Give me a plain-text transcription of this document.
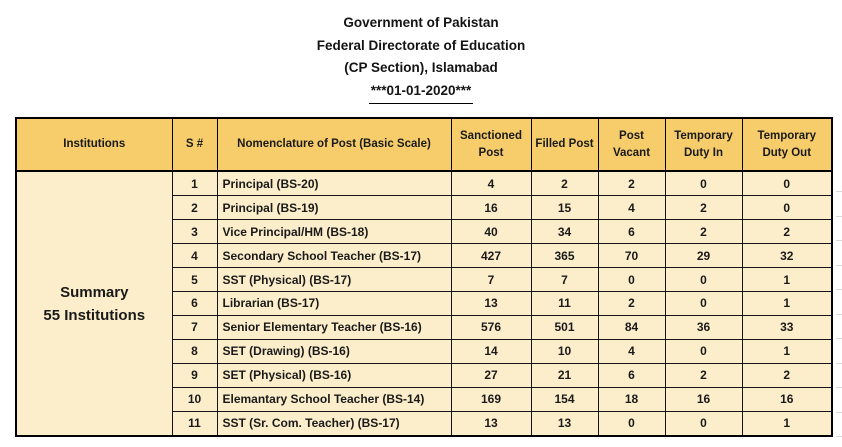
Government of Pakistan
Federal Directorate of Education
(CP Section), Islamabad
***01-01-2020***
Institutions	S #	Nomenclature of Post (Basic Scale)	Sanctioned Post	Filled Post	Post Vacant	Temporary Duty In	Temporary Duty Out

Summary
55 Institutions	1	Principal (BS-20)	4	2	2	0	0
	2	Principal (BS-19)	16	15	4	2	0
	3	Vice Principal/HM (BS-18)	40	34	6	2	2
	4	Secondary School Teacher (BS-17)	427	365	70	29	32
	5	SST (Physical) (BS-17)	7	7	0	0	1
	6	Librarian (BS-17)	13	11	2	0	1
	7	Senior Elementary Teacher (BS-16)	576	501	84	36	33
	8	SET (Drawing) (BS-16)	14	10	4	0	1
	9	SET (Physical) (BS-16)	27	21	6	2	2
	10	Elemantary School Teacher (BS-14)	169	154	18	16	16
	11	SST (Sr. Com. Teacher) (BS-17)	13	13	0	0	1
